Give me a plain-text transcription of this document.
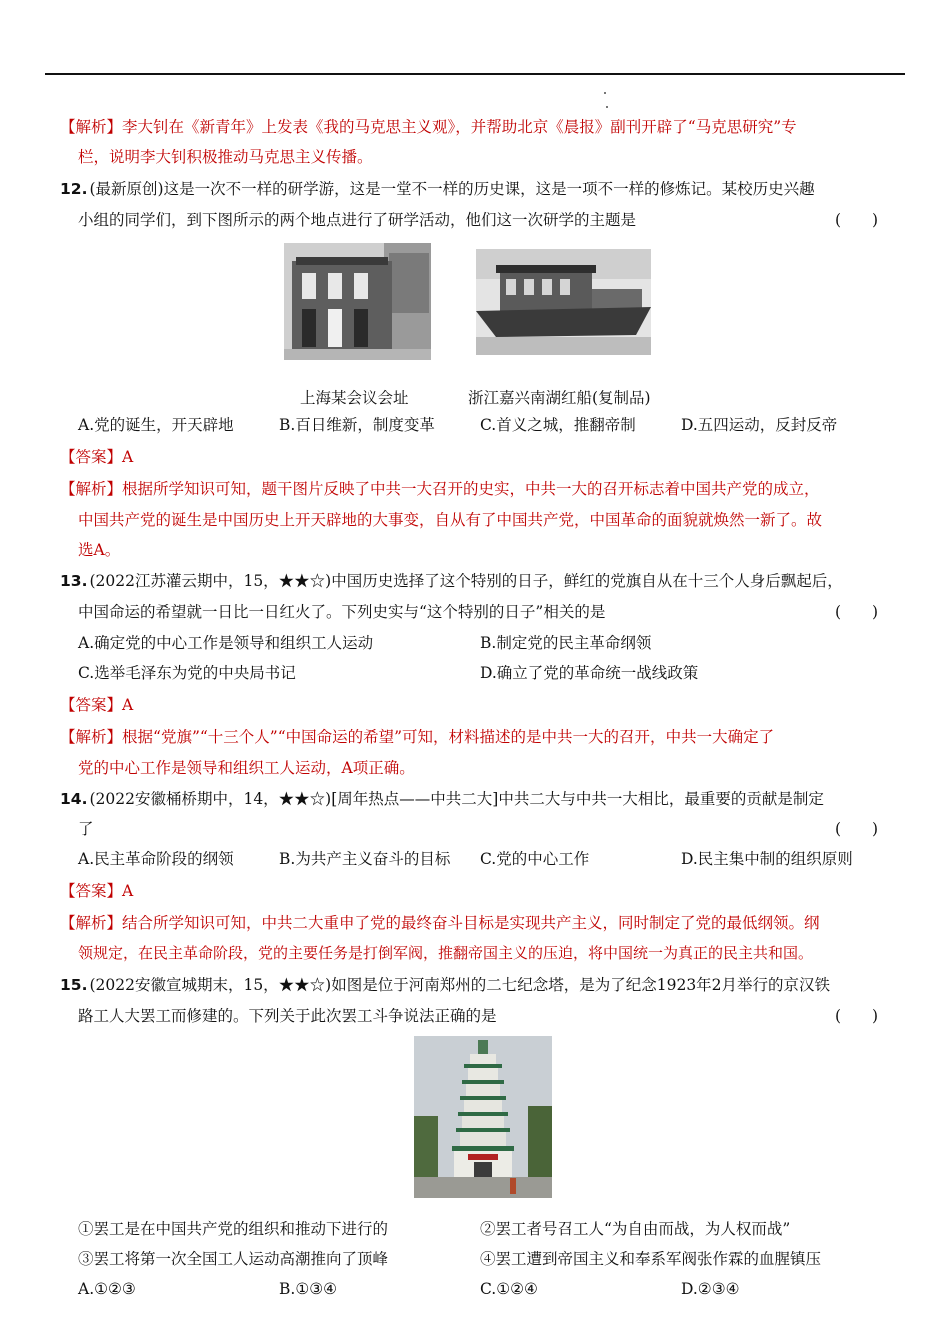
【解析】李大钊在《新青年》上发表《我的马克思主义观》，并帮助北京《晨报》副刊开辟了“马克思研究”专
栏，说明李大钊积极推动马克思主义传播。
12. (最新原创)这是一次不一样的研学游，这是一堂不一样的历史课，这是一项不一样的修炼记。某校历史兴趣
小组的同学们，到下图所示的两个地点进行了研学活动，他们这一次研学的主题是	(　　)
上海某会议会址	浙江嘉兴南湖红船(复制品)
A.党的诞生，开天辟地	B.百日维新，制度变革	C.首义之城，推翻帝制	D.五四运动，反封反帝
【答案】A
【解析】根据所学知识可知，题干图片反映了中共一大召开的史实，中共一大的召开标志着中国共产党的成立，
中国共产党的诞生是中国历史上开天辟地的大事变，自从有了中国共产党，中国革命的面貌就焕然一新了。故
选A。
13. (2022江苏灌云期中，15，★★☆)中国历史选择了这个特别的日子，鲜红的党旗自从在十三个人身后飘起后，
中国命运的希望就一日比一日红火了。下列史实与“这个特别的日子”相关的是	(　　)
A.确定党的中心工作是领导和组织工人运动	B.制定党的民主革命纲领
C.选举毛泽东为党的中央局书记	D.确立了党的革命统一战线政策
【答案】A
【解析】根据“党旗”“十三个人”“中国命运的希望”可知，材料描述的是中共一大的召开，中共一大确定了
党的中心工作是领导和组织工人运动，A项正确。
14. (2022安徽桶桥期中，14，★★☆)[周年热点——中共二大]中共二大与中共一大相比，最重要的贡献是制定
了	(　　)
A.民主革命阶段的纲领	B.为共产主义奋斗的目标 C.党的中心工作	D.民主集中制的组织原则
【答案】A
【解析】结合所学知识可知，中共二大重申了党的最终奋斗目标是实现共产主义，同时制定了党的最低纲领。纲
领规定，在民主革命阶段，党的主要任务是打倒军阀，推翻帝国主义的压迫，将中国统一为真正的民主共和国。
15. (2022安徽宣城期末，15，★★☆)如图是位于河南郑州的二七纪念塔，是为了纪念1923年2月举行的京汉铁
路工人大罢工而修建的。下列关于此次罢工斗争说法正确的是	(　　)
①罢工是在中国共产党的组织和推动下进行的	②罢工者号召工人“为自由而战，为人权而战”
③罢工将第一次全国工人运动高潮推向了顶峰	④罢工遭到帝国主义和奉系军阀张作霖的血腥镇压
A.①②③	B.①③④	C.①②④	D.②③④
